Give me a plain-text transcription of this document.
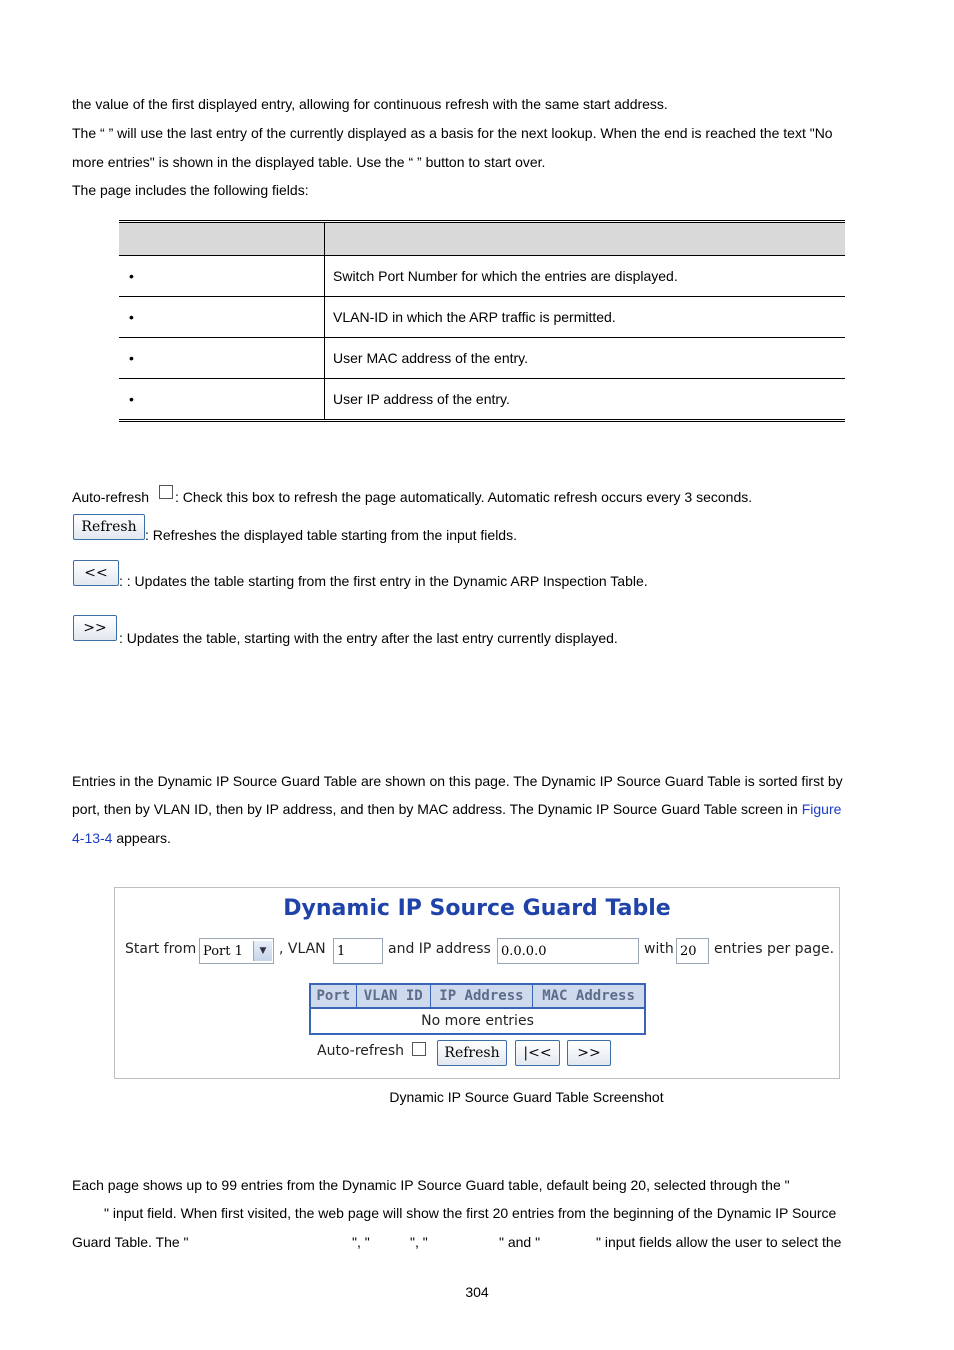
the value of the first displayed entry, allowing for continuous refresh with the same start address.
The “ ” will use the last entry of the currently displayed as a basis for the next lookup. When the end is reached the text "No
more entries" is shown in the displayed table. Use the “ ” button to start over.
The page includes the following fields:

•	Switch Port Number for which the entries are displayed.
•	VLAN-ID in which the ARP traffic is permitted.
•	User MAC address of the entry.
•	User IP address of the entry.
Auto-refresh : Check this box to refresh the page automatically. Automatic refresh occurs every 3 seconds.
Refresh : Refreshes the displayed table starting from the input fields.
<< : : Updates the table starting from the first entry in the Dynamic ARP Inspection Table.
>>
: Updates the table, starting with the entry after the last entry currently displayed.
Entries in the Dynamic IP Source Guard Table are shown on this page. The Dynamic IP Source Guard Table is sorted first by
port, then by VLAN ID, then by IP address, and then by MAC address. The Dynamic IP Source Guard Table screen in Figure
4-13-4 appears.
Dynamic IP Source Guard Table
Start from Port 1	▼ , VLAN 1	and IP address 0.0.0.0	with 20	entries per page.
Port	VLAN ID	IP Address	MAC Address
No more entries
Auto-refresh	Refresh |<< >>
Dynamic IP Source Guard Table Screenshot
Each page shows up to 99 entries from the Dynamic IP Source Guard table, default being 20, selected through the "
" input field. When first visited, the web page will show the first 20 entries from the beginning of the Dynamic IP Source
Guard Table. The "	", "	", "	" and "	" input fields allow the user to select the
304
